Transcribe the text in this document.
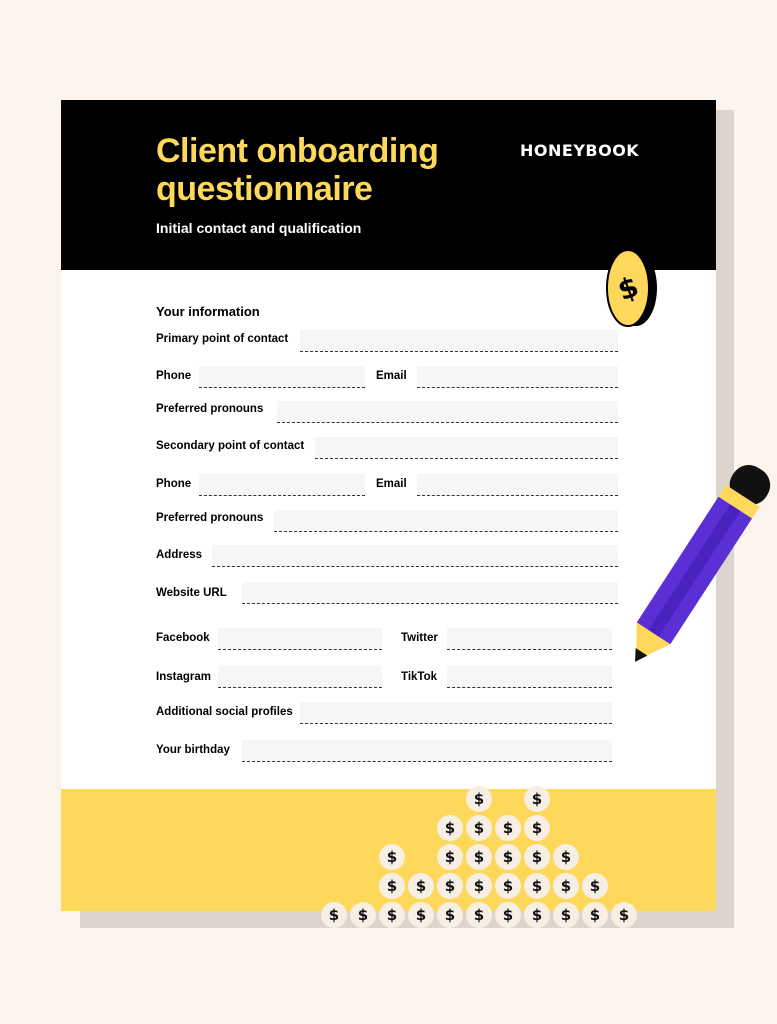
Client onboarding questionnaire
Initial contact and qualification
HONEYBOOK
Your information
Primary point of contact
Phone	Email
Preferred pronouns
Secondary point of contact
Phone	Email
Preferred pronouns
Address
Website URL
Facebook	Twitter
Instagram	TikTok
Additional social profiles
Your birthday
$	$
$	$	$	$
$	$	$	$	$	$
$	$	$	$	$	$	$	$
$	$	$	$	$	$	$	$	$	$	$
$
